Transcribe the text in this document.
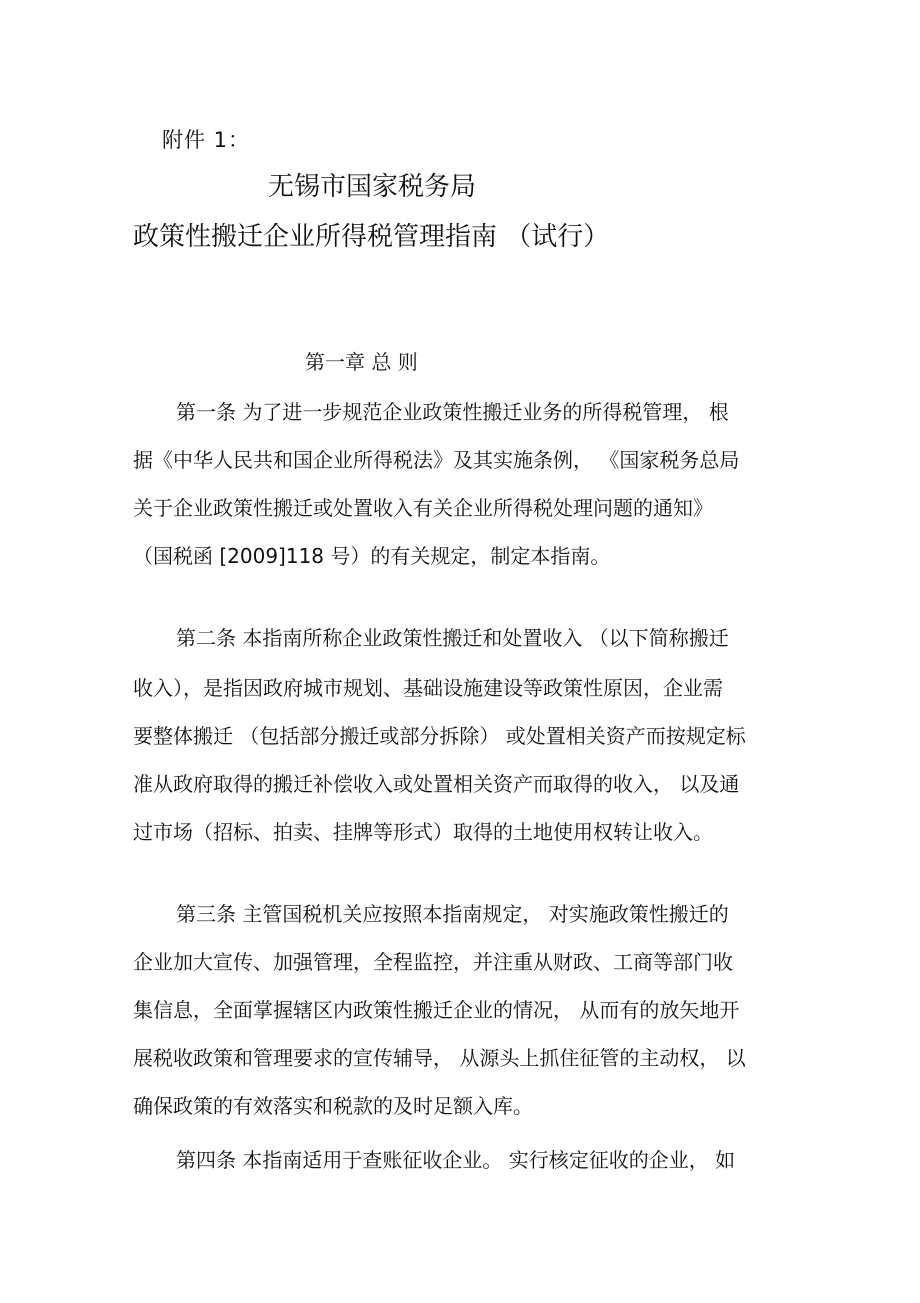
附件 1：
无锡市国家税务局
政策性搬迁企业所得税管理指南 （试行）
第一章 总 则
第一条 为了进一步规范企业政策性搬迁业务的所得税管理， 根
据《中华人民共和国企业所得税法》及其实施条例， 《国家税务总局
关于企业政策性搬迁或处置收入有关企业所得税处理问题的通知》
（国税函 [2009]118 号）的有关规定，制定本指南。
第二条 本指南所称企业政策性搬迁和处置收入 （以下简称搬迁
收入），是指因政府城市规划、基础设施建设等政策性原因，企业需
要整体搬迁 （包括部分搬迁或部分拆除） 或处置相关资产而按规定标
准从政府取得的搬迁补偿收入或处置相关资产而取得的收入， 以及通
过市场（招标、拍卖、挂牌等形式）取得的土地使用权转让收入。
第三条 主管国税机关应按照本指南规定， 对实施政策性搬迁的
企业加大宣传、加强管理，全程监控，并注重从财政、工商等部门收
集信息，全面掌握辖区内政策性搬迁企业的情况， 从而有的放矢地开
展税收政策和管理要求的宣传辅导， 从源头上抓住征管的主动权， 以
确保政策的有效落实和税款的及时足额入库。
第四条 本指南适用于查账征收企业。 实行核定征收的企业， 如
